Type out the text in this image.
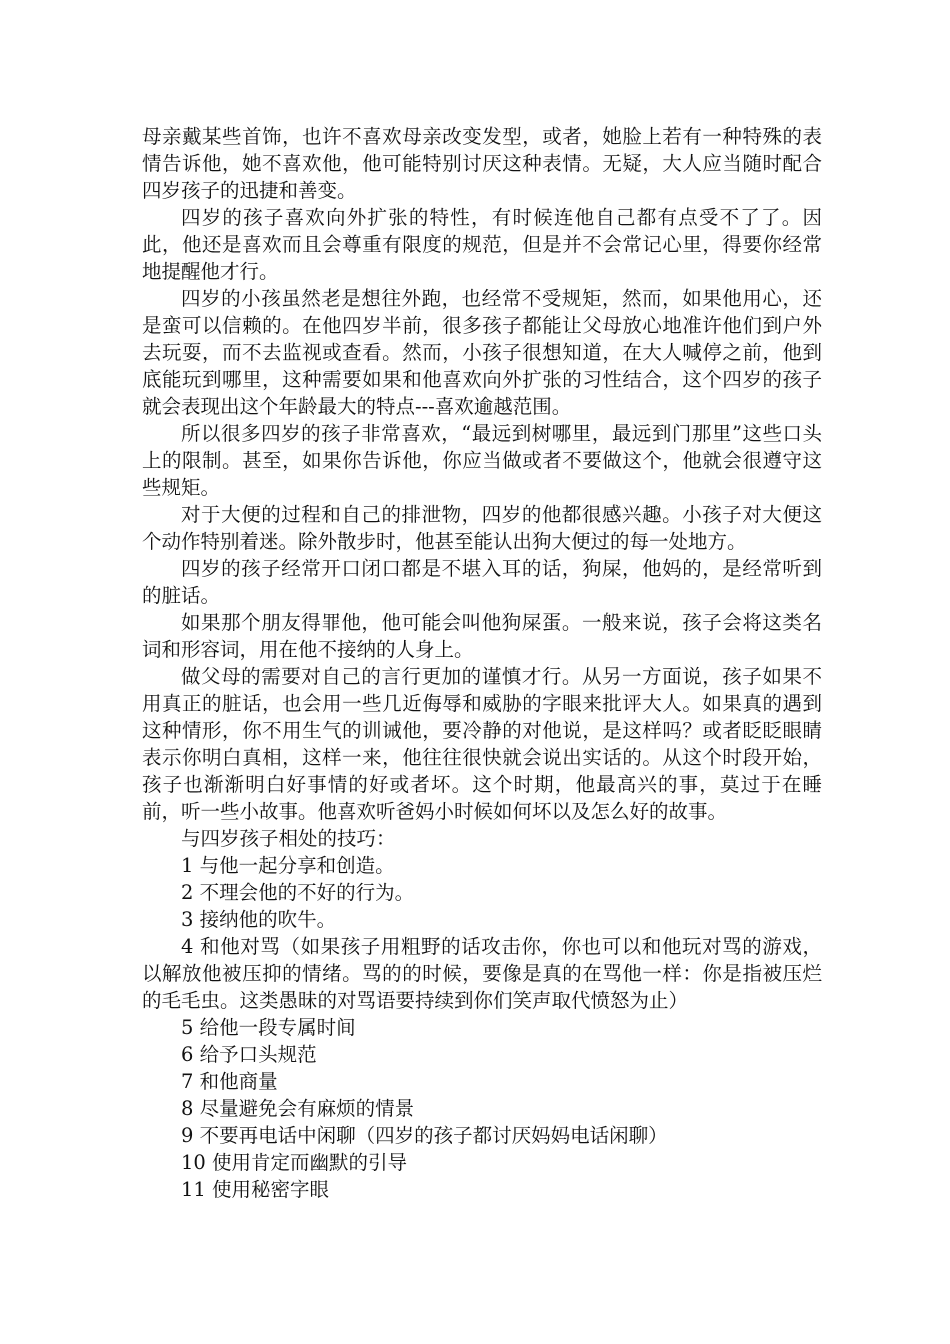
母亲戴某些首饰，也许不喜欢母亲改变发型，或者，她脸上若有一种特殊的表情告诉他，她不喜欢他，他可能特别讨厌这种表情。无疑，大人应当随时配合四岁孩子的迅捷和善变。

四岁的孩子喜欢向外扩张的特性，有时候连他自己都有点受不了了。因此，他还是喜欢而且会尊重有限度的规范，但是并不会常记心里，得要你经常地提醒他才行。

四岁的小孩虽然老是想往外跑，也经常不受规矩，然而，如果他用心，还是蛮可以信赖的。在他四岁半前，很多孩子都能让父母放心地准许他们到户外去玩耍，而不去监视或查看。然而，小孩子很想知道，在大人喊停之前，他到底能玩到哪里，这种需要如果和他喜欢向外扩张的习性结合，这个四岁的孩子就会表现出这个年龄最大的特点---喜欢逾越范围。

所以很多四岁的孩子非常喜欢，“最远到树哪里，最远到门那里”这些口头上的限制。甚至，如果你告诉他，你应当做或者不要做这个，他就会很遵守这些规矩。

对于大便的过程和自己的排泄物，四岁的他都很感兴趣。小孩子对大便这个动作特别着迷。除外散步时，他甚至能认出狗大便过的每一处地方。

四岁的孩子经常开口闭口都是不堪入耳的话，狗屎，他妈的，是经常听到的脏话。

如果那个朋友得罪他，他可能会叫他狗屎蛋。一般来说，孩子会将这类名词和形容词，用在他不接纳的人身上。

做父母的需要对自己的言行更加的谨慎才行。从另一方面说，孩子如果不用真正的脏话，也会用一些几近侮辱和威胁的字眼来批评大人。如果真的遇到这种情形，你不用生气的训诫他，要冷静的对他说，是这样吗？或者眨眨眼睛表示你明白真相，这样一来，他往往很快就会说出实话的。从这个时段开始，孩子也渐渐明白好事情的好或者坏。这个时期，他最高兴的事，莫过于在睡前，听一些小故事。他喜欢听爸妈小时候如何坏以及怎么好的故事。

与四岁孩子相处的技巧：

1 与他一起分享和创造。

2 不理会他的不好的行为。

3 接纳他的吹牛。

4 和他对骂（如果孩子用粗野的话攻击你，你也可以和他玩对骂的游戏，以解放他被压抑的情绪。骂的的时候，要像是真的在骂他一样：你是指被压烂的毛毛虫。这类愚昧的对骂语要持续到你们笑声取代愤怒为止）

5 给他一段专属时间

6 给予口头规范

7 和他商量

8 尽量避免会有麻烦的情景

9 不要再电话中闲聊（四岁的孩子都讨厌妈妈电话闲聊）

10 使用肯定而幽默的引导

11 使用秘密字眼
